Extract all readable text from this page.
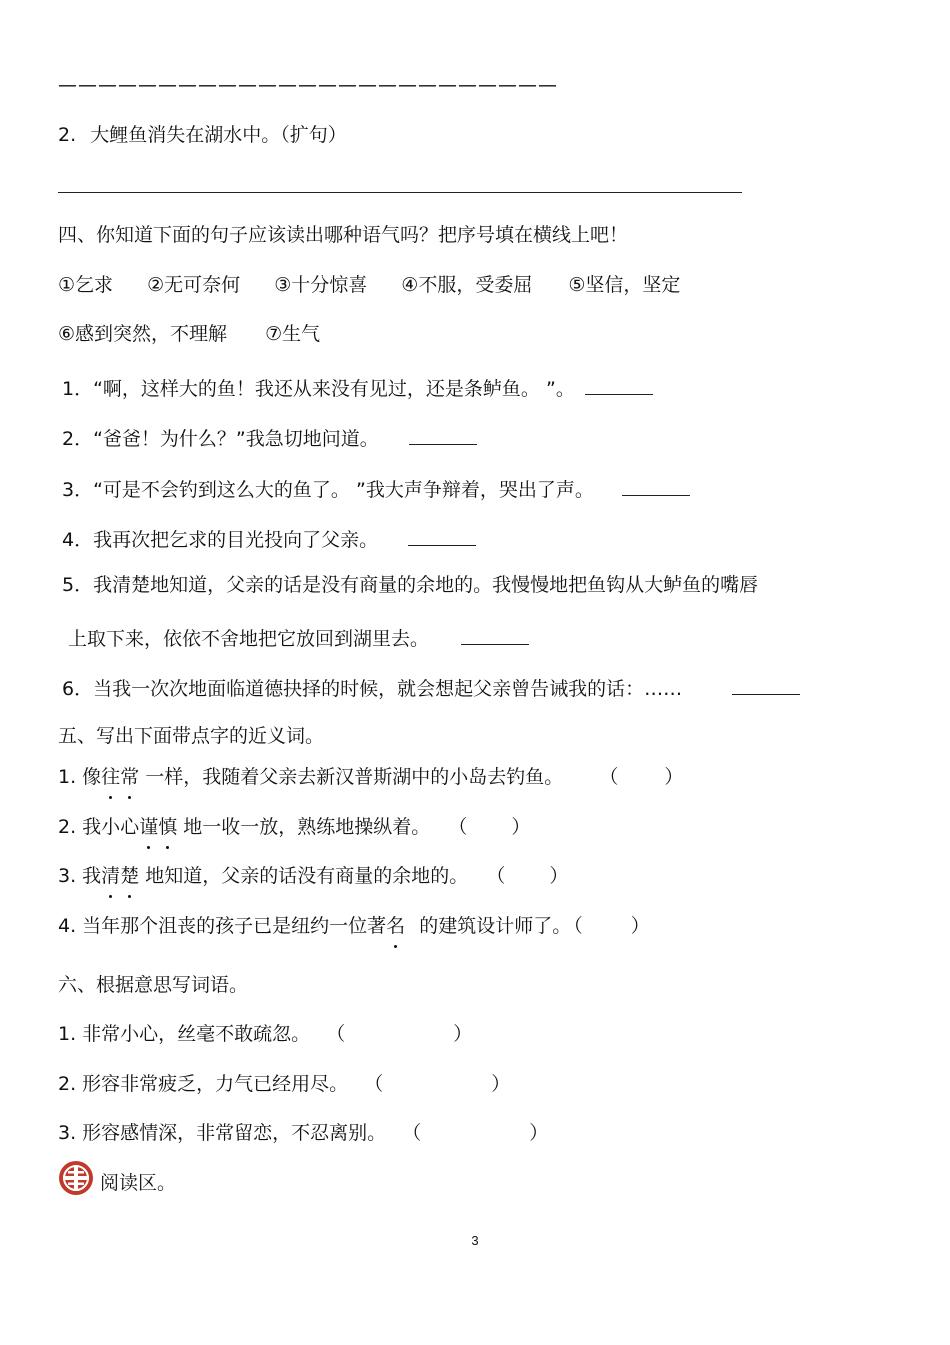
—————————————————————————
2. 大鲤鱼消失在湖水中。（扩句）
四、你知道下面的句子应该读出哪种语气吗？把序号填在横线上吧！
①乞求 ②无可奈何 ③十分惊喜 ④不服，受委屈 ⑤坚信，坚定
⑥感到突然，不理解 ⑦生气
1．“啊，这样大的鱼！我还从来没有见过，还是条鲈鱼。 ”。
2．“爸爸！为什么？”我急切地问道。
3．“可是不会钓到这么大的鱼了。 ”我大声争辩着，哭出了声。
4．我再次把乞求的目光投向了父亲。
5．我清楚地知道，父亲的话是没有商量的余地的。我慢慢地把鱼钩从大鲈鱼的嘴唇
上取下来，依依不舍地把它放回到湖里去。
6．当我一次次地面临道德抉择的时候，就会想起父亲曾告诫我的话：……
五、写出下面带点字的近义词。
1. 像往常 一样，我随着父亲去新汉普斯湖中的小岛去钓鱼。 （ ）
2. 我小心谨慎 地一收一放，熟练地操纵着。 （ ）
3. 我清楚 地知道，父亲的话没有商量的余地的。 （ ）
4. 当年那个沮丧的孩子已是纽约一位著名 的建筑设计师了。 （	）
六、根据意思写词语。
1. 非常小心，丝毫不敢疏忽。 （	）
2. 形容非常疲乏，力气已经用尽。 （	）
3. 形容感情深，非常留恋，不忍离别。 （	）
阅读区。
3
